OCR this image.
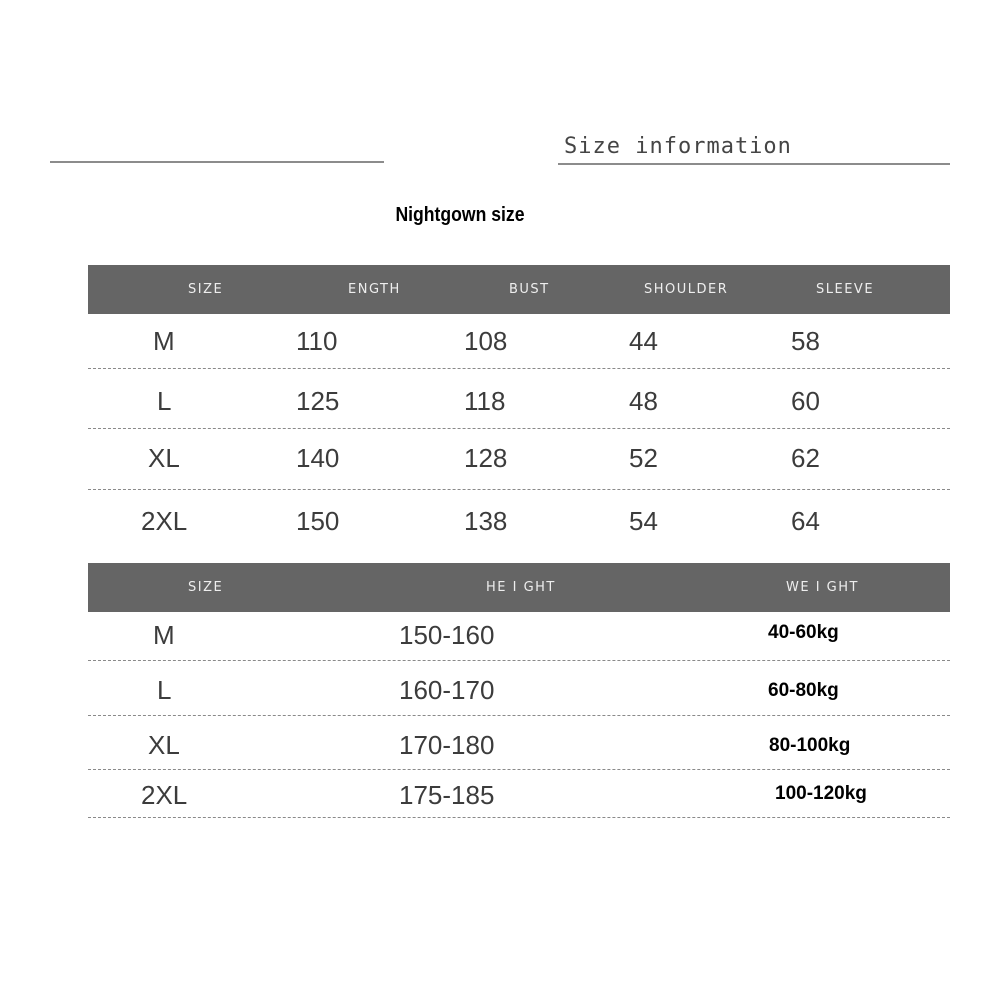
Size information
Nightgown size
SIZE	ENGTH	BUST	SHOULDER	SLEEVE
M	110	108	44	58
L	125	118	48	60
XL	140	128	52	62
2XL	150	138	54	64
SIZE	HE I GHT	WE I GHT
M	150-160	40-60kg
L	160-170	60-80kg
XL	170-180	80-100kg
2XL	175-185	100-120kg
